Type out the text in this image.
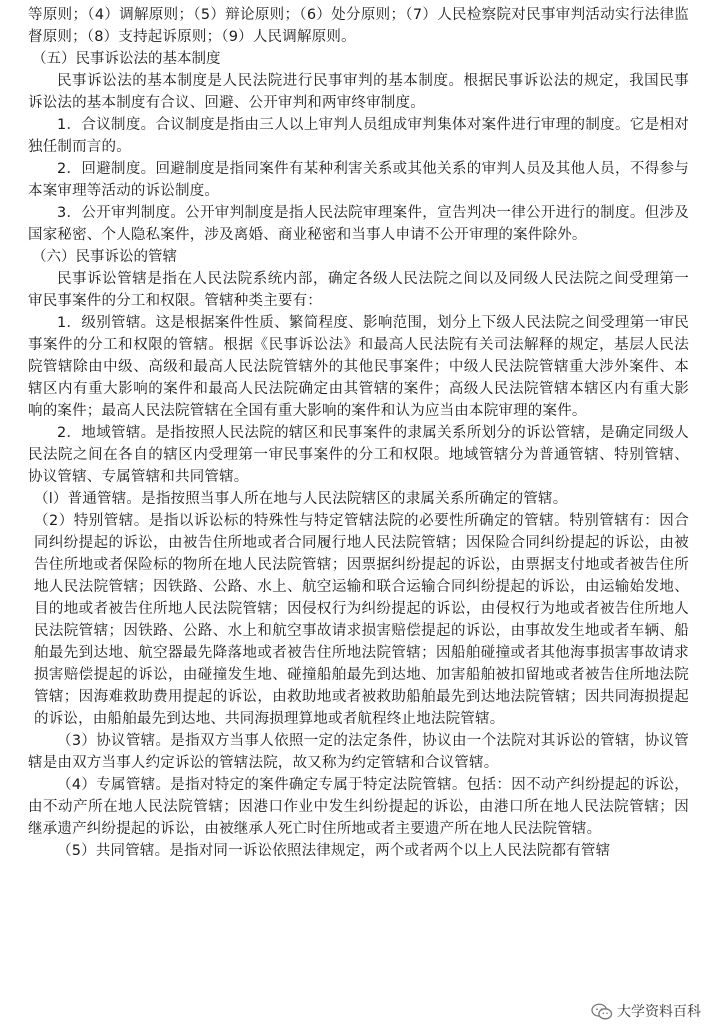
等原则；（4）调解原则；（5）辩论原则；（6）处分原则；（7）人民检察院对民事审判活动实行法律监督原则；（8）支持起诉原则；（9）人民调解原则。

（五）民事诉讼法的基本制度

民事诉讼法的基本制度是人民法院进行民事审判的基本制度。根据民事诉讼法的规定，我国民事诉讼法的基本制度有合议、回避、公开审判和两审终审制度。

1．合议制度。合议制度是指由三人以上审判人员组成审判集体对案件进行审理的制度。它是相对独任制而言的。

2．回避制度。回避制度是指同案件有某种利害关系或其他关系的审判人员及其他人员，不得参与本案审理等活动的诉讼制度。

3．公开审判制度。公开审判制度是指人民法院审理案件，宣告判决一律公开进行的制度。但涉及国家秘密、个人隐私案件，涉及离婚、商业秘密和当事人申请不公开审理的案件除外。

（六）民事诉讼的管辖

民事诉讼管辖是指在人民法院系统内部，确定各级人民法院之间以及同级人民法院之间受理第一审民事案件的分工和权限。管辖种类主要有：

1．级别管辖。这是根据案件性质、繁简程度、影响范围，划分上下级人民法院之间受理第一审民事案件的分工和权限的管辖。根据《民事诉讼法》和最高人民法院有关司法解释的规定，基层人民法院管辖除由中级、高级和最高人民法院管辖外的其他民事案件；中级人民法院管辖重大涉外案件、本辖区内有重大影响的案件和最高人民法院确定由其管辖的案件；高级人民法院管辖本辖区内有重大影响的案件；最高人民法院管辖在全国有重大影响的案件和认为应当由本院审理的案件。

2．地域管辖。是指按照人民法院的辖区和民事案件的隶属关系所划分的诉讼管辖，是确定同级人民法院之间在各自的辖区内受理第一审民事案件的分工和权限。地域管辖分为普通管辖、特别管辖、协议管辖、专属管辖和共同管辖。

（l）普通管辖。是指按照当事人所在地与人民法院辖区的隶属关系所确定的管辖。

（2）特别管辖。是指以诉讼标的特殊性与特定管辖法院的必要性所确定的管辖。特别管辖有：因合同纠纷提起的诉讼，由被告住所地或者合同履行地人民法院管辖；因保险合同纠纷提起的诉讼，由被告住所地或者保险标的物所在地人民法院管辖；因票据纠纷提起的诉讼，由票据支付地或者被告住所地人民法院管辖；因铁路、公路、水上、航空运输和联合运输合同纠纷提起的诉讼，由运输始发地、目的地或者被告住所地人民法院管辖；因侵权行为纠纷提起的诉讼，由侵权行为地或者被告住所地人民法院管辖；因铁路、公路、水上和航空事故请求损害赔偿提起的诉讼，由事故发生地或者车辆、船舶最先到达地、航空器最先降落地或者被告住所地法院管辖；因船舶碰撞或者其他海事损害事故请求损害赔偿提起的诉讼，由碰撞发生地、碰撞船舶最先到达地、加害船舶被扣留地或者被告住所地法院管辖；因海难救助费用提起的诉讼，由救助地或者被救助船舶最先到达地法院管辖；因共同海损提起的诉讼，由船舶最先到达地、共同海损理算地或者航程终止地法院管辖。

（3）协议管辖。是指双方当事人依照一定的法定条件，协议由一个法院对其诉讼的管辖，协议管辖是由双方当事人约定诉讼的管辖法院，故又称为约定管辖和合议管辖。

（4）专属管辖。是指对特定的案件确定专属于特定法院管辖。包括：因不动产纠纷提起的诉讼，由不动产所在地人民法院管辖；因港口作业中发生纠纷提起的诉讼，由港口所在地人民法院管辖；因继承遗产纠纷提起的诉讼，由被继承人死亡时住所地或者主要遗产所在地人民法院管辖。

（5）共同管辖。是指对同一诉讼依照法律规定，两个或者两个以上人民法院都有管辖

大学资料百科
